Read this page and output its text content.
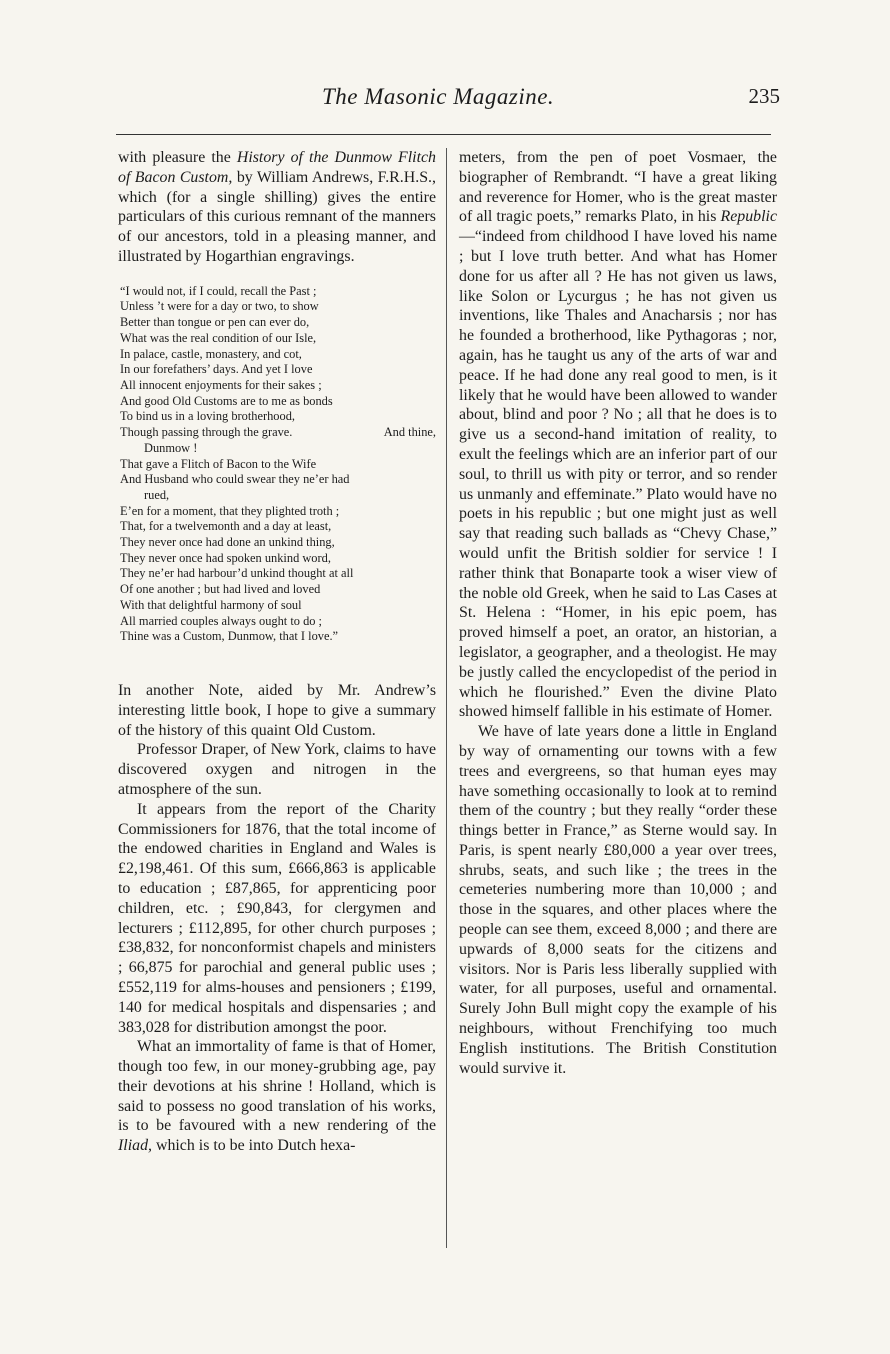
The Masonic Magazine.	235

with pleasure the History of the Dunmow Flitch of Bacon Custom, by William Andrews, F.R.H.S., which (for a single shilling) gives the entire particulars of this curious remnant of the manners of our ancestors, told in a pleasing manner, and illustrated by Hogarthian engravings.

“I would not, if I could, recall the Past ;
Unless ’t were for a day or two, to show
Better than tongue or pen can ever do,
What was the real condition of our Isle,
In palace, castle, monastery, and cot,
In our forefathers’ days. And yet I love
All innocent enjoyments for their sakes ;
And good Old Customs are to me as bonds
To bind us in a loving brotherhood,
Though passing through the grave.	And thine,
Dunmow !
That gave a Flitch of Bacon to the Wife
And Husband who could swear they ne’er had
rued,
E’en for a moment, that they plighted troth ;
That, for a twelvemonth and a day at least,
They never once had done an unkind thing,
They never once had spoken unkind word,
They ne’er had harbour’d unkind thought at all
Of one another ; but had lived and loved
With that delightful harmony of soul
All married couples always ought to do ;
Thine was a Custom, Dunmow, that I love.”

In another Note, aided by Mr. Andrew’s interesting little book, I hope to give a summary of the history of this quaint Old Custom.

Professor Draper, of New York, claims to have discovered oxygen and nitrogen in the atmosphere of the sun.

It appears from the report of the Charity Commissioners for 1876, that the total income of the endowed charities in England and Wales is £2,198,461. Of this sum, £666,863 is applicable to education ; £87,865, for apprenticing poor children, etc. ; £90,843, for clergymen and lecturers ; £112,895, for other church purposes ; £38,832, for nonconformist chapels and ministers ; 66,875 for parochial and general public uses ; £552,119 for alms-houses and pensioners ; £199, 140 for medical hospitals and dispensaries ; and 383,028 for distribution amongst the poor.

What an immortality of fame is that of Homer, though too few, in our money-grubbing age, pay their devotions at his shrine ! Holland, which is said to possess no good translation of his works, is to be favoured with a new rendering of the Iliad, which is to be into Dutch hexa-

meters, from the pen of poet Vosmaer, the biographer of Rembrandt. “I have a great liking and reverence for Homer, who is the great master of all tragic poets,” remarks Plato, in his Republic—“indeed from childhood I have loved his name ; but I love truth better. And what has Homer done for us after all ? He has not given us laws, like Solon or Lycurgus ; he has not given us inventions, like Thales and Anacharsis ; nor has he founded a brotherhood, like Pythagoras ; nor, again, has he taught us any of the arts of war and peace. If he had done any real good to men, is it likely that he would have been allowed to wander about, blind and poor ? No ; all that he does is to give us a second-hand imitation of reality, to exult the feelings which are an inferior part of our soul, to thrill us with pity or terror, and so render us unmanly and effeminate.” Plato would have no poets in his republic ; but one might just as well say that reading such ballads as “Chevy Chase,” would unfit the British soldier for service ! I rather think that Bonaparte took a wiser view of the noble old Greek, when he said to Las Cases at St. Helena : “Homer, in his epic poem, has proved himself a poet, an orator, an historian, a legislator, a geographer, and a theologist. He may be justly called the encyclopedist of the period in which he flourished.” Even the divine Plato showed himself fallible in his estimate of Homer.

We have of late years done a little in England by way of ornamenting our towns with a few trees and evergreens, so that human eyes may have something occasionally to look at to remind them of the country ; but they really “order these things better in France,” as Sterne would say. In Paris, is spent nearly £80,000 a year over trees, shrubs, seats, and such like ; the trees in the cemeteries numbering more than 10,000 ; and those in the squares, and other places where the people can see them, exceed 8,000 ; and there are upwards of 8,000 seats for the citizens and visitors. Nor is Paris less liberally supplied with water, for all purposes, useful and ornamental. Surely John Bull might copy the example of his neighbours, without Frenchifying too much English institutions. The British Constitution would survive it.
